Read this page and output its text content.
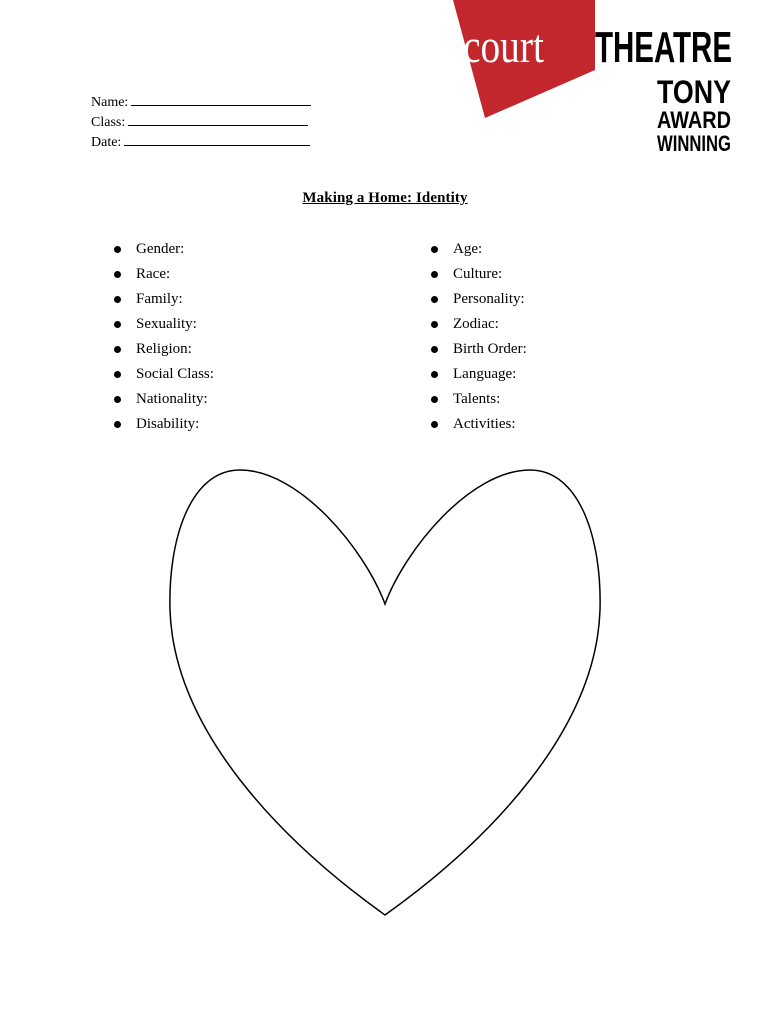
court THEATRE
TONY
AWARD
WINNING
Name:
Class:
Date:
Making a Home: Identity
Gender:
Race:
Family:
Sexuality:
Religion:
Social Class:
Nationality:
Disability:
Age:
Culture:
Personality:
Zodiac:
Birth Order:
Language:
Talents:
Activities:
